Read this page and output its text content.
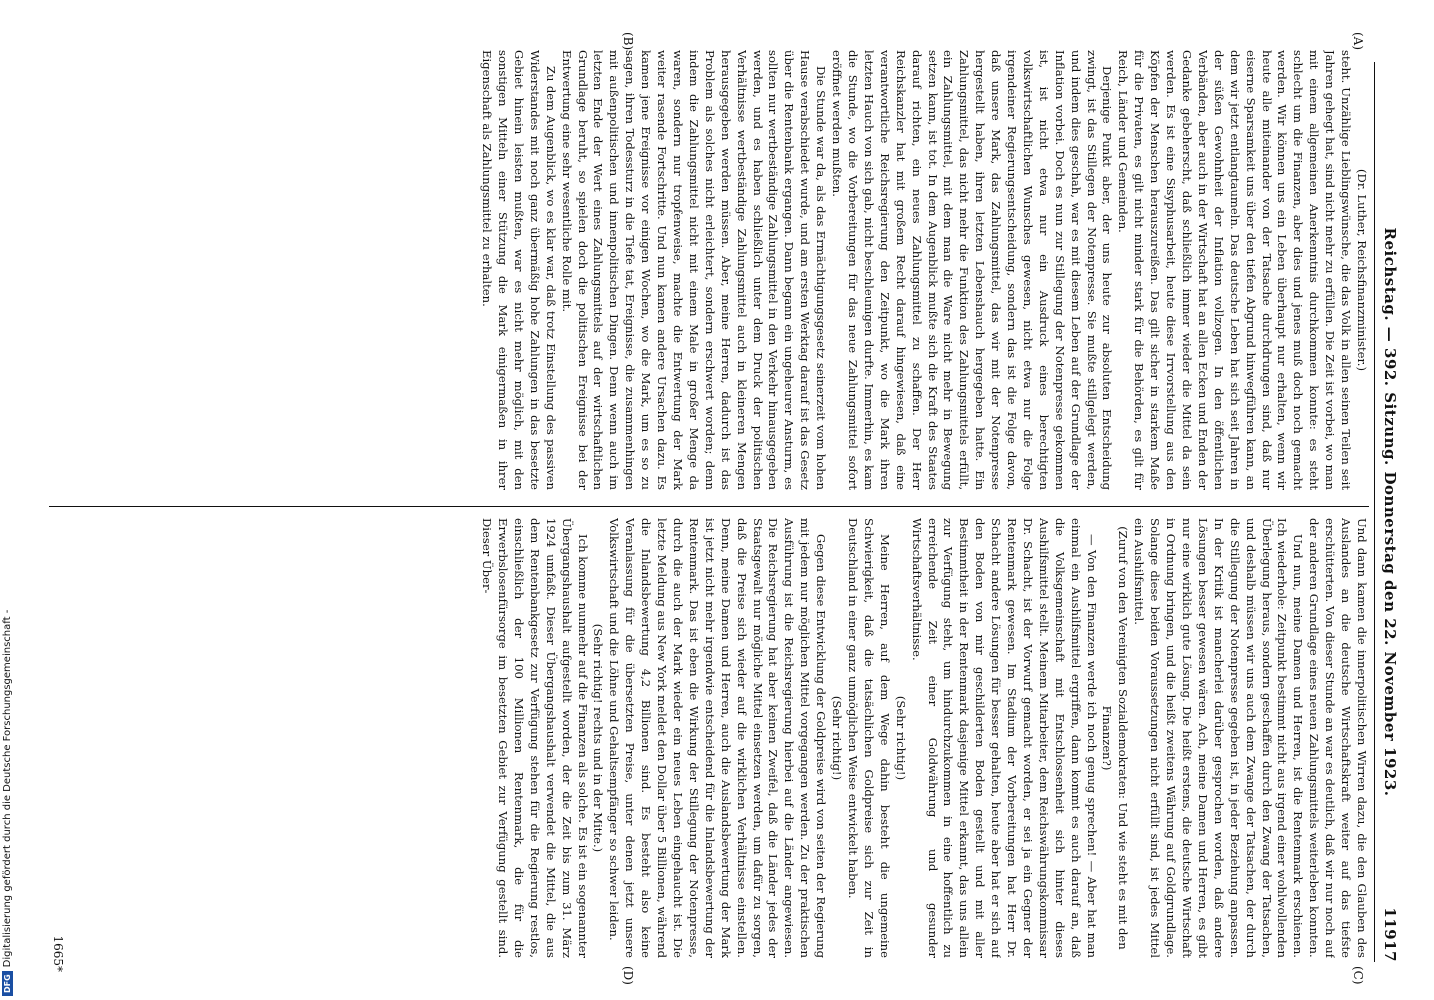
Reichstag. — 392. Sitzung. Donnerstag den 22. November 1923.
11917
(A)
(B)
(C)
(D)

(Dr. Luther, Reichsfinanzminister.)

steht. Unzählige Lieblingswünsche, die das Volk in allen seinen Teilen seit Jahren gehegt hat, sind nicht mehr zu erfüllen. Die Zeit ist vorbei, wo man mit einem allgemeinen Anerkenntnis durchkommen konnte: es steht schlecht um die Finanzen, aber dies und jenes muß doch noch gemacht werden. Wir können uns ein Leben überhaupt nur erhalten, wenn wir heute alle miteinander von der Tatsache durchdrungen sind, daß nur eiserne Sparsamkeit uns über den tiefen Abgrund hinwegführen kann, an dem wir jetzt entlangtaumeln. Das deutsche Leben hat sich seit Jahren in der süßen Gewohnheit der Inflation vollzogen. In den öffentlichen Verbänden, aber auch in der Wirtschaft hat an allen Ecken und Enden der Gedanke gebeherscht, daß schließlich immer wieder die Mittel da sein werden. Es ist eine Sisyphusarbeit, heute diese Irrvorstellung aus den Köpfen der Menschen herauszureißen. Das gilt sicher in starkem Maße für die Privaten, es gilt nicht minder stark für die Behörden, es gilt für Reich, Länder und Gemeinden.

Derjenige Punkt aber, der uns heute zur absoluten Entscheidung zwingt, ist das Stillegen der Notenpresse. Sie mußte stillgelegt werden, und indem dies geschah, war es mit diesem Leben auf der Grundlage der Inflation vorbei. Doch es nun zur Stillegung der Notenpresse gekommen ist, ist nicht etwa nur ein Ausdruck eines berechtigten volkswirtschaftlichen Wunsches gewesen, nicht etwa nur die Folge irgendeiner Regierungsentscheidung, sondern das ist die Folge davon, daß unsere Mark, das Zahlungsmittel, das wir mit der Notenpresse hergestellt haben, ihren letzten Lebenshauch hergegeben hatte. Ein Zahlungsmittel, das nicht mehr die Funktion des Zahlungsmittels erfüllt, ein Zahlungsmittel, mit dem man die Ware nicht mehr in Bewegung setzen kann, ist tot. In dem Augenblick mußte sich die Kraft des Staates darauf richten, ein neues Zahlungsmittel zu schaffen. Der Herr Reichskanzler hat mit großem Recht darauf hingewiesen, daß eine verantwortliche Reichsregierung den Zeitpunkt, wo die Mark ihren letzten Hauch von sich gab, nicht beschleunigen durfte. Immerhin, es kam die Stunde, wo die Vorbereitungen für das neue Zahlungsmittel sofort eröffnet werden mußten.

Die Stunde war da, als das Ermächtigungsgesetz seinerzeit vom hohen Hause verabschiedet wurde, und am ersten Werktag darauf ist das Gesetz über die Rentenbank ergangen. Dann begann ein ungeheurer Ansturm, es sollten nur wertbeständige Zahlungsmittel in den Verkehr hinausgegeben werden, und es haben schließlich unter dem Druck der politischen Verhältnisse wertbeständige Zahlungsmittel auch in kleineren Mengen herausgegeben werden müssen. Aber, meine Herren, dadurch ist das Problem als solches nicht erleichtert, sondern erschwert worden; denn indem die Zahlungsmittel nicht mit einem Male in großer Menge da waren, sondern nur tropfenweise, machte die Entwertung der Mark weiter rasende Fortschritte. Und nun kamen andere Ursachen dazu. Es kamen jene Ereignisse vor einigen Wochen, wo die Mark, um es so zu sagen, ihren Todessturz in die Tiefe tat, Ereignisse, die zusammenhingen mit außenpolitischen und innenpolitischen Dingen. Denn wenn auch im letzten Ende der Wert eines Zahlungsmittels auf der wirtschaftlichen Grundlage beruht, so spielen doch die politischen Ereignisse bei der Entwertung eine sehr wesentliche Rolle mit.

Zu dem Augenblick, wo es klar war, daß trotz Einstellung des passiven Widerstandes mit noch ganz übermäßig hohe Zahlungen in das besetzte Gebiet hinein leisten mußten, war es nicht mehr möglich, mit den sonstigen Mitteln einer Stützung die Mark einigermaßen in ihrer Eigenschaft als Zahlungsmittel zu erhalten.

Und dann kamen die innerpolitischen Wirren dazu, die den Glauben des Auslandes an die deutsche Wirtschaftskraft weiter auf das tiefste erschütterten. Von dieser Stunde an war es deutlich, daß wir nur noch auf der anderen Grundlage eines neuen Zahlungsmittels weiterleben konnten.

Und nun, meine Damen und Herren, ist die Rentenmark erschienen. Ich wiederhole: Zeitpunkt bestimmt nicht aus irgend einer wohlwollenden Überlegung heraus, sondern geschaffen durch den Zwang der Tatsachen, und deshalb müssen wir uns auch dem Zwange der Tatsachen, der durch die Stillegung der Notenpresse gegeben ist, in jeder Beziehung anpassen. In der Kritik ist mancherlei darüber gesprochen worden, daß andere Lösungen besser gewesen wären. Ach, meine Damen und Herren, es gibt nur eine wirklich gute Lösung. Die heißt erstens, die deutsche Wirtschaft in Ordnung bringen, und die heißt zweitens Währung auf Goldgrundlage. Solange diese beiden Voraussetzungen nicht erfüllt sind, ist jedes Mittel ein Aushilfsmittel.

(Zuruf von den Vereinigten Sozialdemokraten: Und wie steht es mit den Finanzen?)

— Von den Finanzen werde ich noch genug sprechen! — Aber hat man einmal ein Aushilfsmittel ergriffen, dann kommt es auch darauf an, daß die Volksgemeinschaft mit Entschlossenheit sich hinter dieses Aushilfsmittel stellt. Meinem Mitarbeiter, dem Reichswährungskommissar Dr. Schacht, ist der Vorwurf gemacht worden, er sei ja ein Gegner der Rentenmark gewesen. Im Stadium der Vorbereitungen hat Herr Dr. Schacht andere Lösungen für besser gehalten, heute aber hat er sich auf den Boden von mir geschilderten Boden gestellt und mit aller Bestimmtheit in der Rentenmark dasjenige Mittel erkannt, das uns allein zur Verfügung steht, um hindurchzukommen in eine hoffentlich zu erreichende Zeit einer Goldwährung und gesunder Wirtschaftsverhältnisse.

(Sehr richtig!)

Meine Herren, auf dem Wege dahin besteht die ungemeine Schwierigkeit, daß die tatsächlichen Goldpreise sich zur Zeit in Deutschland in einer ganz unmöglichen Weise entwickelt haben.

(Sehr richtig!)

Gegen diese Entwicklung der Goldpreise wird von seiten der Regierung mit jedem nur möglichen Mittel vorgegangen werden. Zu der praktischen Ausführung ist die Reichsregierung hierbei auf die Länder angewiesen. Die Reichsregierung hat aber keinen Zweifel, daß die Länder jedes der Staatsgewalt nur mögliche Mittel einsetzen werden, um dafür zu sorgen, daß die Preise sich wieder auf die wirklichen Verhältnisse einstellen. Denn, meine Damen und Herren, auch die Auslandsbewertung der Mark ist jetzt nicht mehr irgendwie entscheidend für die Inlandsbewertung der Rentenmark. Das ist eben die Wirkung der Stillegung der Notenpresse, durch die auch der Mark wieder ein neues Leben eingehaucht ist. Die letzte Meldung aus New York meldet den Dollar über 5 Billionen, während die Inlandsbewertung 4,2 Billionen sind. Es besteht also keine Veranlassung für die übersetzten Preise, unter denen jetzt unsere Volkswirtschaft und die Löhne und Gehaltsempfänger so schwer leiden.

(Sehr richtig! rechts und in der Mitte.)

Ich komme nunmehr auf die Finanzen als solche. Es ist ein sogenannter Übergangshaushalt aufgestellt worden, der die Zeit bis zum 31. März 1924 umfaßt. Dieser Übergangshaushalt verwendet die Mittel, die aus dem Rentenbankgesetz zur Verfügung stehen für die Regierung restlos, einschließlich der 100 Millionen Rentenmark, die für die Erwerbslosenfürsorge im besetzten Gebiet zur Verfügung gestellt sind. Dieser Über-

1665*
DFGDigitalisierung gefördert durch die Deutsche Forschungsgemeinschaft -
